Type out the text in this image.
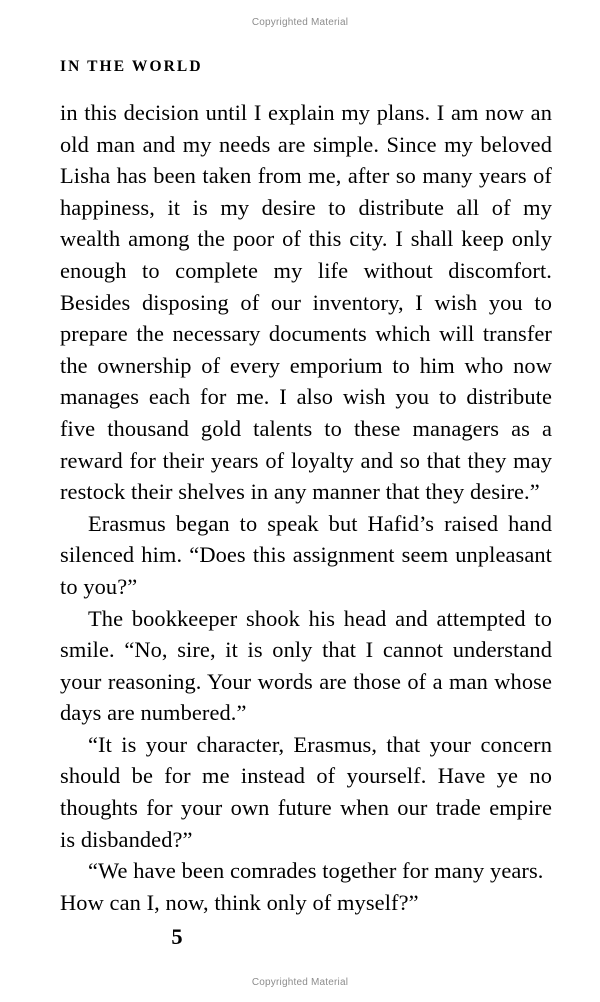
Copyrighted Material
IN THE WORLD

in this decision until I explain my plans. I am now an old man and my needs are simple. Since my beloved Lisha has been taken from me, after so many years of happiness, it is my desire to distribute all of my wealth among the poor of this city. I shall keep only enough to complete my life without discomfort. Besides disposing of our inventory, I wish you to prepare the necessary documents which will transfer the ownership of every emporium to him who now manages each for me. I also wish you to distribute five thousand gold talents to these managers as a reward for their years of loyalty and so that they may restock their shelves in any manner that they desire.”

Erasmus began to speak but Hafid’s raised hand silenced him. “Does this assignment seem unpleasant to you?”

The bookkeeper shook his head and attempted to smile. “No, sire, it is only that I cannot understand your reasoning. Your words are those of a man whose days are numbered.”

“It is your character, Erasmus, that your concern should be for me instead of yourself. Have ye no thoughts for your own future when our trade empire is disbanded?”

“We have been comrades together for many years. How can I, now, think only of myself?”

5
Copyrighted Material
